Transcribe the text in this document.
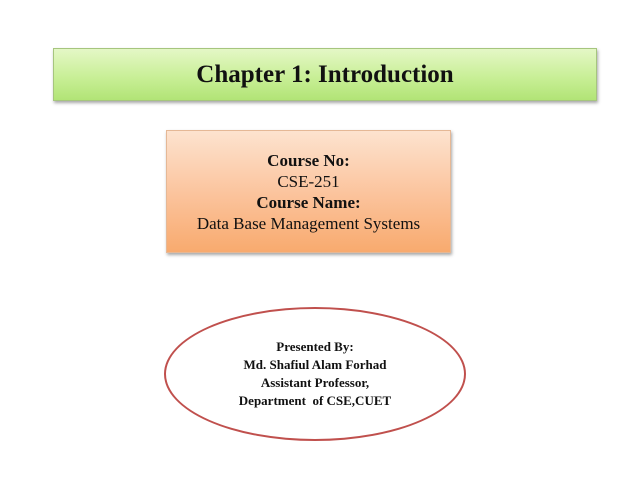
Chapter 1: Introduction
Course No:
CSE-251
Course Name:
Data Base Management Systems
Presented By:
Md. Shafiul Alam Forhad
Assistant Professor,
Department  of CSE,CUET
